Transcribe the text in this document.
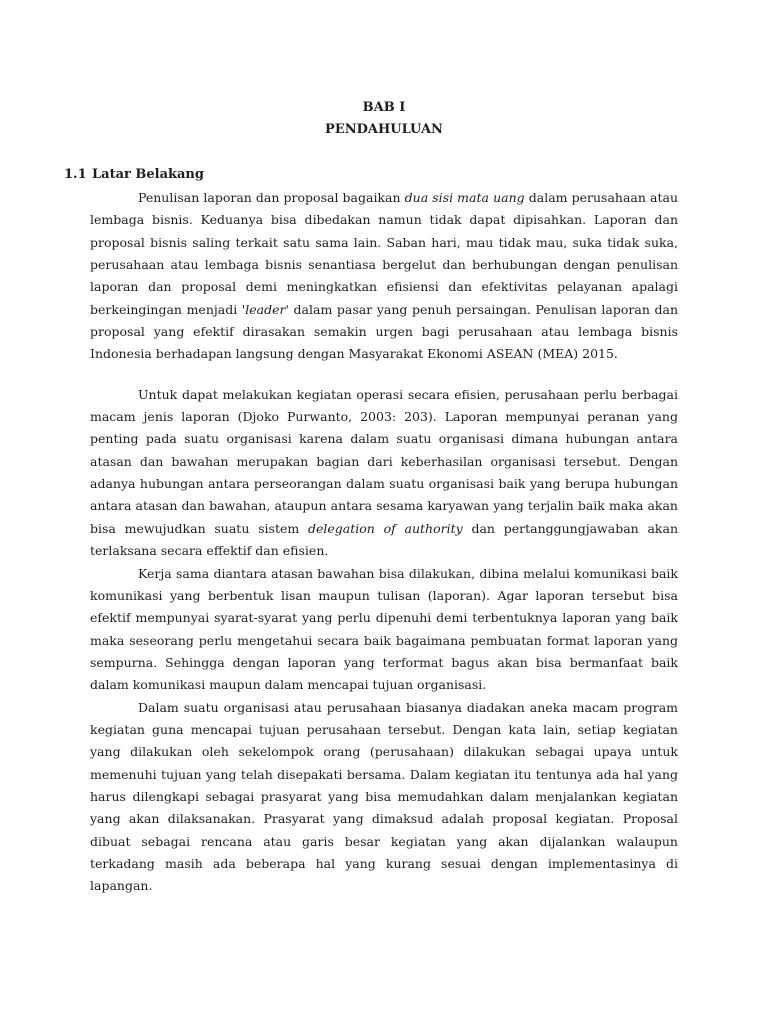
BAB I
PENDAHULUAN
1.1 Latar Belakang

Penulisan laporan dan proposal bagaikan dua sisi mata uang dalam perusahaan atau lembaga bisnis. Keduanya bisa dibedakan namun tidak dapat dipisahkan. Laporan dan proposal bisnis saling terkait satu sama lain. Saban hari, mau tidak mau, suka tidak suka, perusahaan atau lembaga bisnis senantiasa bergelut dan berhubungan dengan penulisan laporan dan proposal demi meningkatkan efisiensi dan efektivitas pelayanan apalagi berkeingingan menjadi 'leader' dalam pasar yang penuh persaingan. Penulisan laporan dan proposal yang efektif dirasakan semakin urgen bagi perusahaan atau lembaga bisnis Indonesia berhadapan langsung dengan Masyarakat Ekonomi ASEAN (MEA) 2015.

Untuk dapat melakukan kegiatan operasi secara efisien, perusahaan perlu berbagai macam jenis laporan (Djoko Purwanto, 2003: 203). Laporan mempunyai peranan yang penting pada suatu organisasi karena dalam suatu organisasi dimana hubungan antara atasan dan bawahan merupakan bagian dari keberhasilan organisasi tersebut. Dengan adanya hubungan antara perseorangan dalam suatu organisasi baik yang berupa hubungan antara atasan dan bawahan, ataupun antara sesama karyawan yang terjalin baik maka akan bisa mewujudkan suatu sistem delegation of authority dan pertanggungjawaban akan terlaksana secara effektif dan efisien.

Kerja sama diantara atasan bawahan bisa dilakukan, dibina melalui komunikasi baik komunikasi yang berbentuk lisan maupun tulisan (laporan). Agar laporan tersebut bisa efektif mempunyai syarat-syarat yang perlu dipenuhi demi terbentuknya laporan yang baik maka seseorang perlu mengetahui secara baik bagaimana pembuatan format laporan yang sempurna. Sehingga dengan laporan yang terformat bagus akan bisa bermanfaat baik dalam komunikasi maupun dalam mencapai tujuan organisasi.

Dalam suatu organisasi atau perusahaan biasanya diadakan aneka macam program kegiatan guna mencapai tujuan perusahaan tersebut. Dengan kata lain, setiap kegiatan yang dilakukan oleh sekelompok orang (perusahaan) dilakukan sebagai upaya untuk memenuhi tujuan yang telah disepakati bersama. Dalam kegiatan itu tentunya ada hal yang harus dilengkapi sebagai prasyarat yang bisa memudahkan dalam menjalankan kegiatan yang akan dilaksanakan. Prasyarat yang dimaksud adalah proposal kegiatan. Proposal dibuat sebagai rencana atau garis besar kegiatan yang akan dijalankan walaupun terkadang masih ada beberapa hal yang kurang sesuai dengan implementasinya di lapangan.
